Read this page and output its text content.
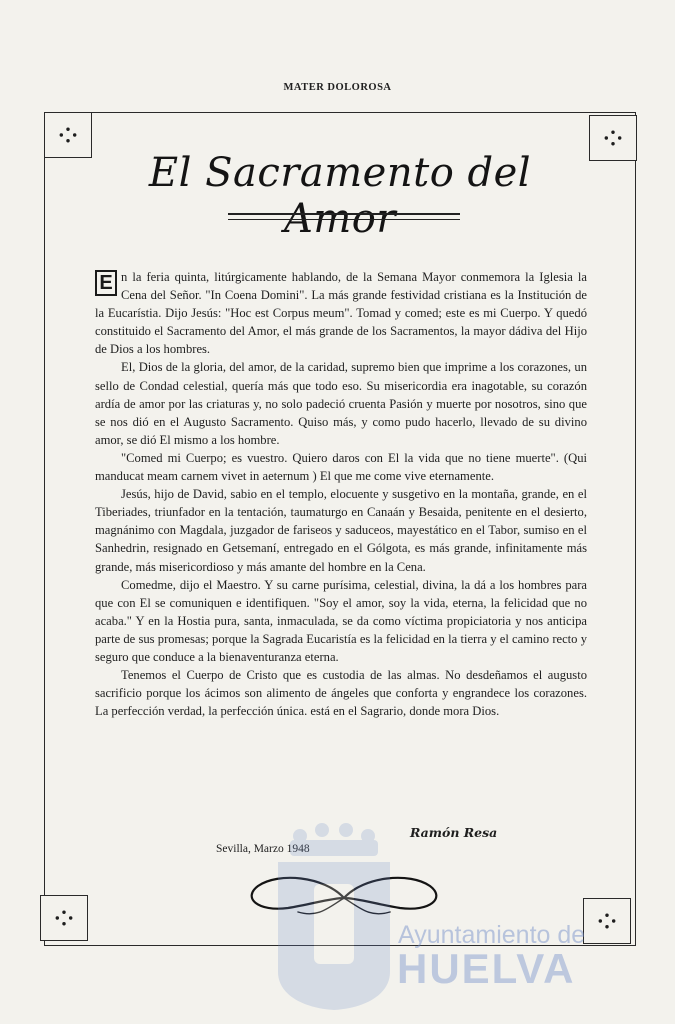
MATER DOLOROSA
El Sacramento del Amor

E n la feria quinta, litúrgicamente hablando, de la Semana Mayor conmemora la Iglesia la Cena del Señor. "In Coena Domini". La más grande festividad cristiana es la Institución de la Eucarístia. Dijo Jesús: "Hoc est Corpus meum". Tomad y comed; este es mi Cuerpo. Y quedó constituido el Sacramento del Amor, el más grande de los Sacramentos, la mayor dádiva del Hijo de Dios a los hombres.

El, Dios de la gloria, del amor, de la caridad, supremo bien que imprime a los corazones, un sello de Condad celestial, quería más que todo eso. Su misericordia era inagotable, su corazón ardía de amor por las criaturas y, no solo padeció cruenta Pasión y muerte por nosotros, sino que se nos dió en el Augusto Sacramento. Quiso más, y como pudo hacerlo, llevado de su divino amor, se dió El mismo a los hombre.

"Comed mi Cuerpo; es vuestro. Quiero daros con El la vida que no tiene muerte". (Qui manducat meam carnem vivet in aeternum ) El que me come vive eternamente.

Jesús, hijo de David, sabio en el templo, elocuente y susgetivo en la montaña, grande, en el Tiberiades, triunfador en la tentación, taumaturgo en Canaán y Besaida, penitente en el desierto, magnánimo con Magdala, juzgador de fariseos y saduceos, mayestático en el Tabor, sumiso en el Sanhedrin, resignado en Getsemaní, entregado en el Gólgota, es más grande, infinitamente más grande, más misericordioso y más amante del hombre en la Cena.

Comedme, dijo el Maestro. Y su carne purísima, celestial, divina, la dá a los hombres para que con El se comuniquen e identifiquen. "Soy el amor, soy la vida, eterna, la felicidad que no acaba." Y en la Hostia pura, santa, inmaculada, se da como víctima propiciatoria y nos anticipa parte de sus promesas; porque la Sagrada Eucaristía es la felicidad en la tierra y el camino recto y seguro que conduce a la bienaventuranza eterna.

Tenemos el Cuerpo de Cristo que es custodia de las almas. No desdeñamos el augusto sacrificio porque los ácimos son alimento de ángeles que conforta y engrandece los corazones. La perfección verdad, la perfección única. está en el Sagrario, donde mora Dios.

Ramón Resa
Sevilla, Marzo 1948
Ayuntamiento de
HUELVA
